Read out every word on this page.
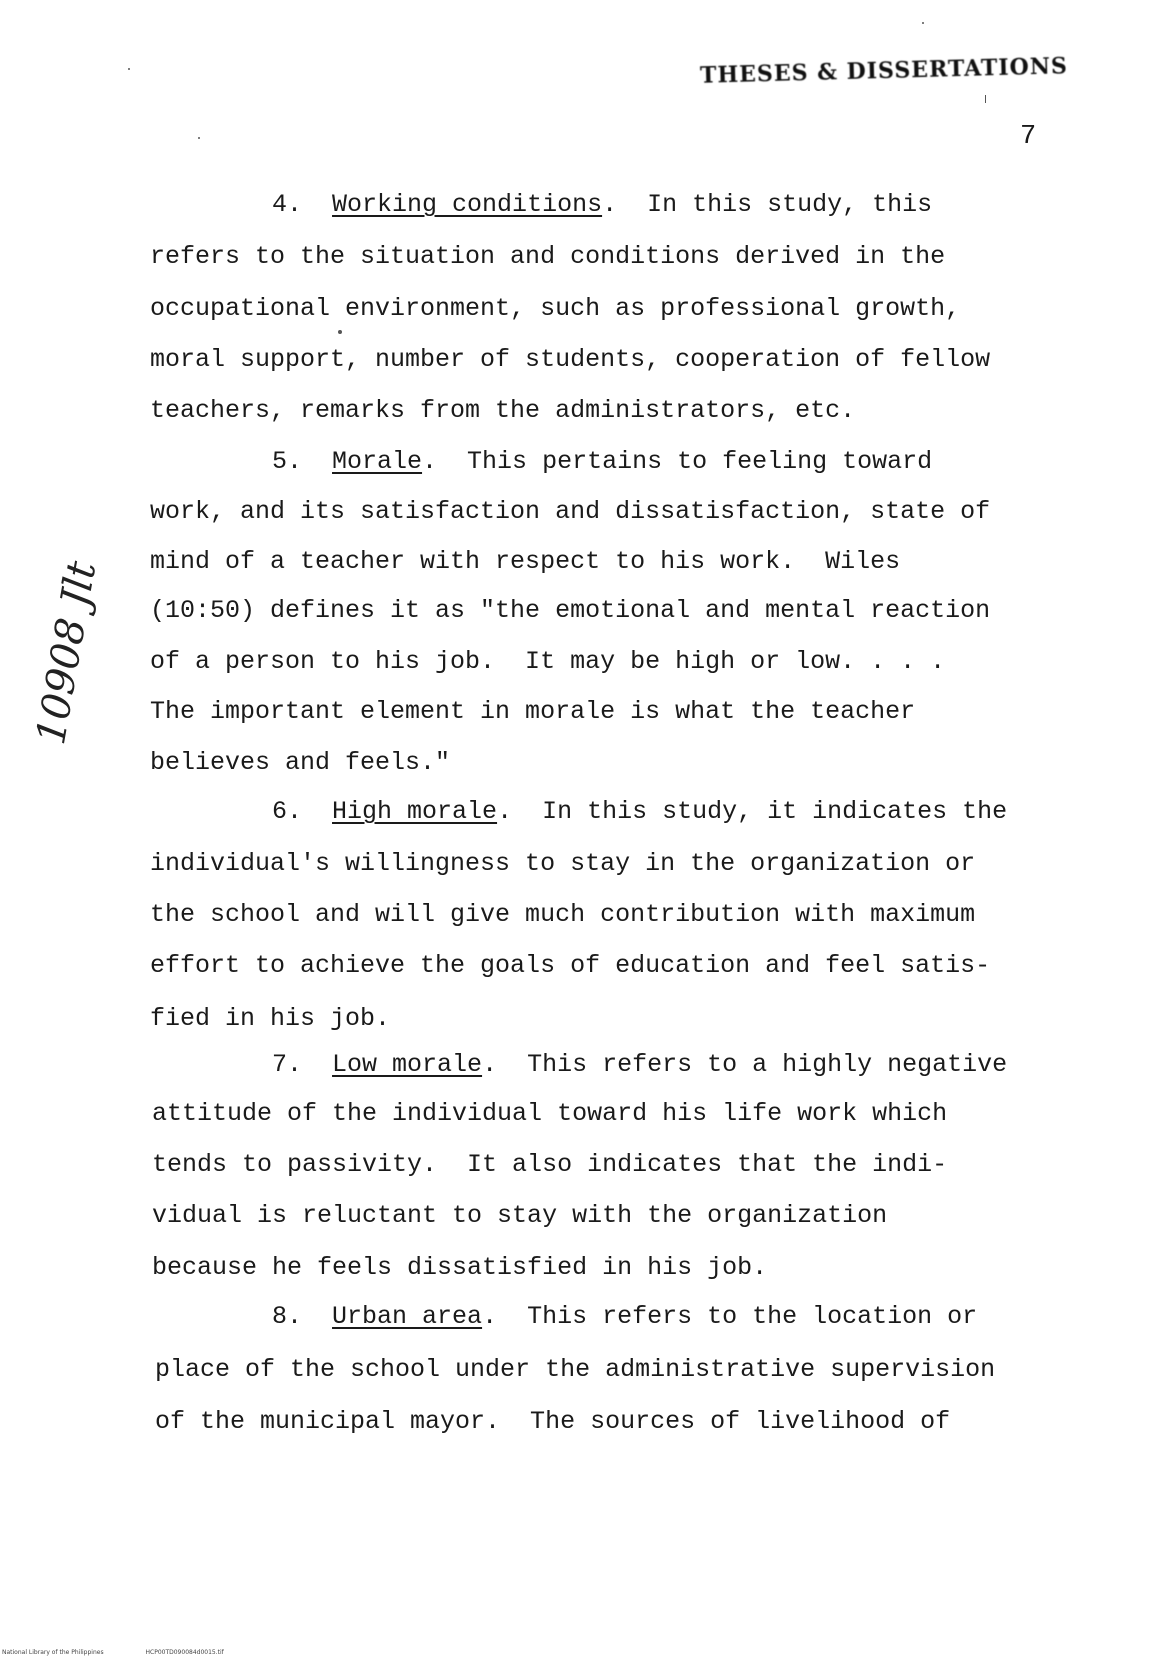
THESES & DISSERTATIONS
7
4. Working conditions.  In this study, this
refers to the situation and conditions derived in the
occupational environment, such as professional growth,
moral support, number of students, cooperation of fellow
teachers, remarks from the administrators, etc.
5. Morale.  This pertains to feeling toward
work, and its satisfaction and dissatisfaction, state of
mind of a teacher with respect to his work.  Wiles
(10:50) defines it as "the emotional and mental reaction
of a person to his job.  It may be high or low. . . .
The important element in morale is what the teacher
believes and feels."
6. High morale.  In this study, it indicates the
individual's willingness to stay in the organization or
the school and will give much contribution with maximum
effort to achieve the goals of education and feel satis-
fied in his job.
7. Low morale.  This refers to a highly negative
attitude of the individual toward his life work which
tends to passivity.  It also indicates that the indi-
vidual is reluctant to stay with the organization
because he feels dissatisfied in his job.
8. Urban area.  This refers to the location or
place of the school under the administrative supervision
of the municipal mayor.  The sources of livelihood of
10908 Jlt
National Library of the Philippines	HCP00TD090084d0015.tif
